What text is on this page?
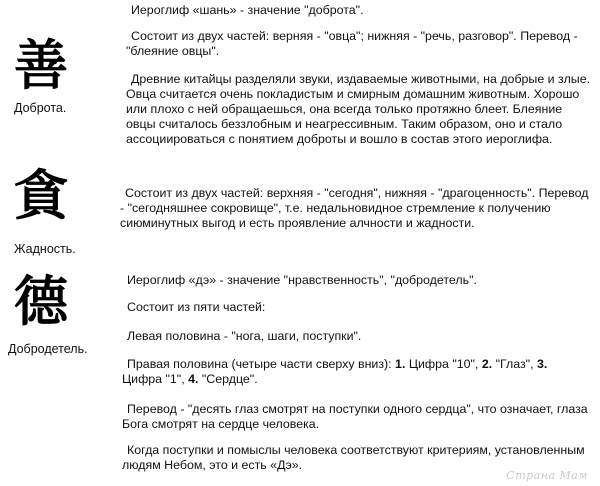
善
Доброта.

Иероглиф «шань» - значение "доброта".

Состоит из двух частей: верняя - "овца"; нижняя - "речь, разговор". Перевод - "блеяние овцы".

Древние китайцы разделяли звуки, издаваемые животными, на добрые и злые. Овца считается очень покладистым и смирным домашним животным. Хорошо или плохо с ней обращаешься, она всегда только протяжно блеет. Блеяние овцы считалось беззлобным и неагрессивным. Таким образом, оно и стало ассоциироваться с понятием доброты и вошло в состав этого иероглифа.

貪
Жадность.

Состоит из двух частей: верхняя - "сегодня", нижняя - "драгоценность". Перевод - "сегодняшнее сокровище", т.е. недальновидное стремление к получению сиюминутных выгод и есть проявление алчности и жадности.

德
Добродетель.

Иероглиф «дэ» - значение "нравственность", "добродетель".

Состоит из пяти частей:

Левая половина - "нога, шаги, поступки".

Правая половина (четыре части сверху вниз): 1. Цифра "10", 2. "Глаз", 3. Цифра "1", 4. "Сердце".

Перевод - "десять глаз смотрят на поступки одного сердца", что означает, глаза Бога смотрят на сердце человека.

Когда поступки и помыслы человека соответствуют критериям, установленным людям Небом, это и есть «Дэ».

Страна Мам
